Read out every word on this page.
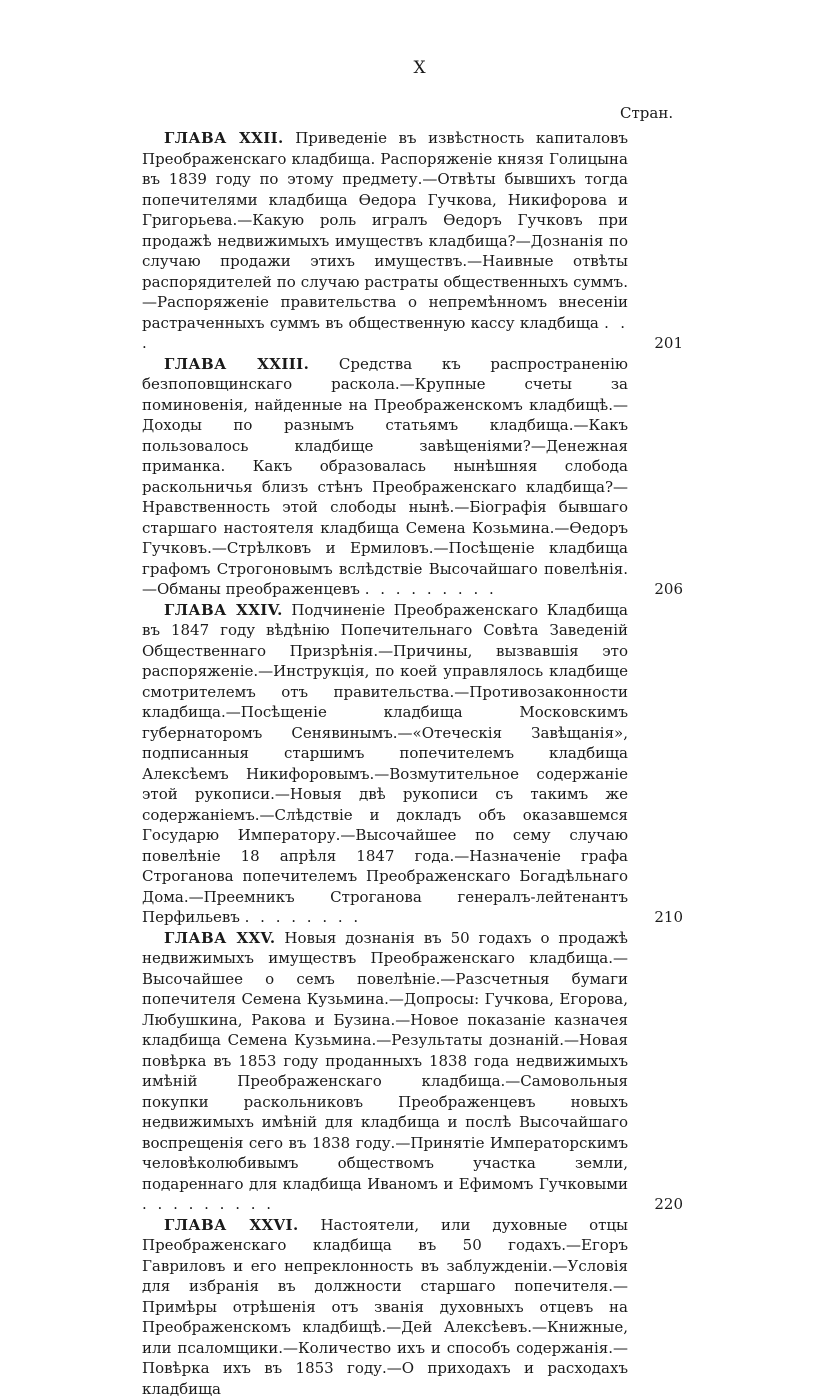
X
Стран.
ГЛАВА XXII. Приведеніе въ извѣстность капиталовъ Преображенскаго кладбища. Распоряженіе князя Голицына въ 1839 году по этому предмету.—Отвѣты бывшихъ тогда попечителями кладбища Ѳедора Гучкова, Никифорова и Григорьева.—Какую роль игралъ Ѳедоръ Гучковъ при продажѣ недвижимыхъ имуществъ кладбища?—Дознанія по случаю продажи этихъ имуществъ.—Наивные отвѣты распорядителей по случаю растраты общественныхъ суммъ.—Распоряженіе правительства о непремѣнномъ внесеніи растраченныхъ суммъ въ общественную кассу кладбища . . .	201
ГЛАВА XXIII. Средства къ распространенію безпоповщинскаго раскола.—Крупные счеты за поминовенія, найденные на Преображенскомъ кладбищѣ.—Доходы по разнымъ статьямъ кладбища.—Какъ пользовалось кладбище завѣщеніями?—Денежная приманка. Какъ образовалась нынѣшняя слобода раскольничья близъ стѣнъ Преображенскаго кладбища?—Нравственность этой слободы нынѣ.—Біографія бывшаго старшаго настоятеля кладбища Семена Козьмина.—Ѳедоръ Гучковъ.—Стрѣлковъ и Ермиловъ.—Посѣщеніе кладбища графомъ Строгоновымъ вслѣдствіе Высочайшаго повелѣнія.—Обманы преображенцевъ . . . . . . . . .	206
ГЛАВА XXIV. Подчиненіе Преображенскаго Кладбища въ 1847 году вѣдѣнію Попечительнаго Совѣта Заведеній Общественнаго Призрѣнія.—Причины, вызвавшія это распоряженіе.—Инструкція, по коей управлялось кладбище смотрителемъ отъ правительства.—Противозаконности кладбища.—Посѣщеніе кладбища Московскимъ губернаторомъ Сенявинымъ.—«Отеческія Завѣщанія», подписанныя старшимъ попечителемъ кладбища Алексѣемъ Никифоровымъ.—Возмутительное содержаніе этой рукописи.—Новыя двѣ рукописи съ такимъ же содержаніемъ.—Слѣдствіе и докладъ объ оказавшемся Государю Императору.—Высочайшее по сему случаю повелѣніе 18 апрѣля 1847 года.—Назначеніе графа Строганова попечителемъ Преображенскаго Богадѣльнаго Дома.—Преемникъ Строганова генералъ-лейтенантъ Перфильевъ . . . . . . . .	210
ГЛАВА XXV. Новыя дознанія въ 50 годахъ о продажѣ недвижимыхъ имуществъ Преображенскаго кладбища.—Высочайшее о семъ повелѣніе.—Разсчетныя бумаги попечителя Семена Кузьмина.—Допросы: Гучкова, Егорова, Любушкина, Ракова и Бузина.—Новое показаніе казначея кладбища Семена Кузьмина.—Результаты дознаній.—Новая повѣрка въ 1853 году проданныхъ 1838 года недвижимыхъ имѣній Преображенскаго кладбища.—Самовольныя покупки раскольниковъ Преображенцевъ новыхъ недвижимыхъ имѣній для кладбища и послѣ Высочайшаго воспрещенія сего въ 1838 году.—Принятіе Императорскимъ человѣколюбивымъ обществомъ участка земли, подареннаго для кладбища Иваномъ и Ефимомъ Гучковыми . . . . . . . . .	220
ГЛАВА XXVI. Настоятели, или духовные отцы Преображенскаго кладбища въ 50 годахъ.—Егоръ Гавриловъ и его непреклонность въ заблужденіи.—Условія для избранія въ должности старшаго попечителя.—Примѣры отрѣшенія отъ званія духовныхъ отцевъ на Преображенскомъ кладбищѣ.—Дей Алексѣевъ.—Книжные, или псаломщики.—Количество ихъ и способъ содержанія.—Повѣрка ихъ въ 1853 году.—О приходахъ и расходахъ кладбища
